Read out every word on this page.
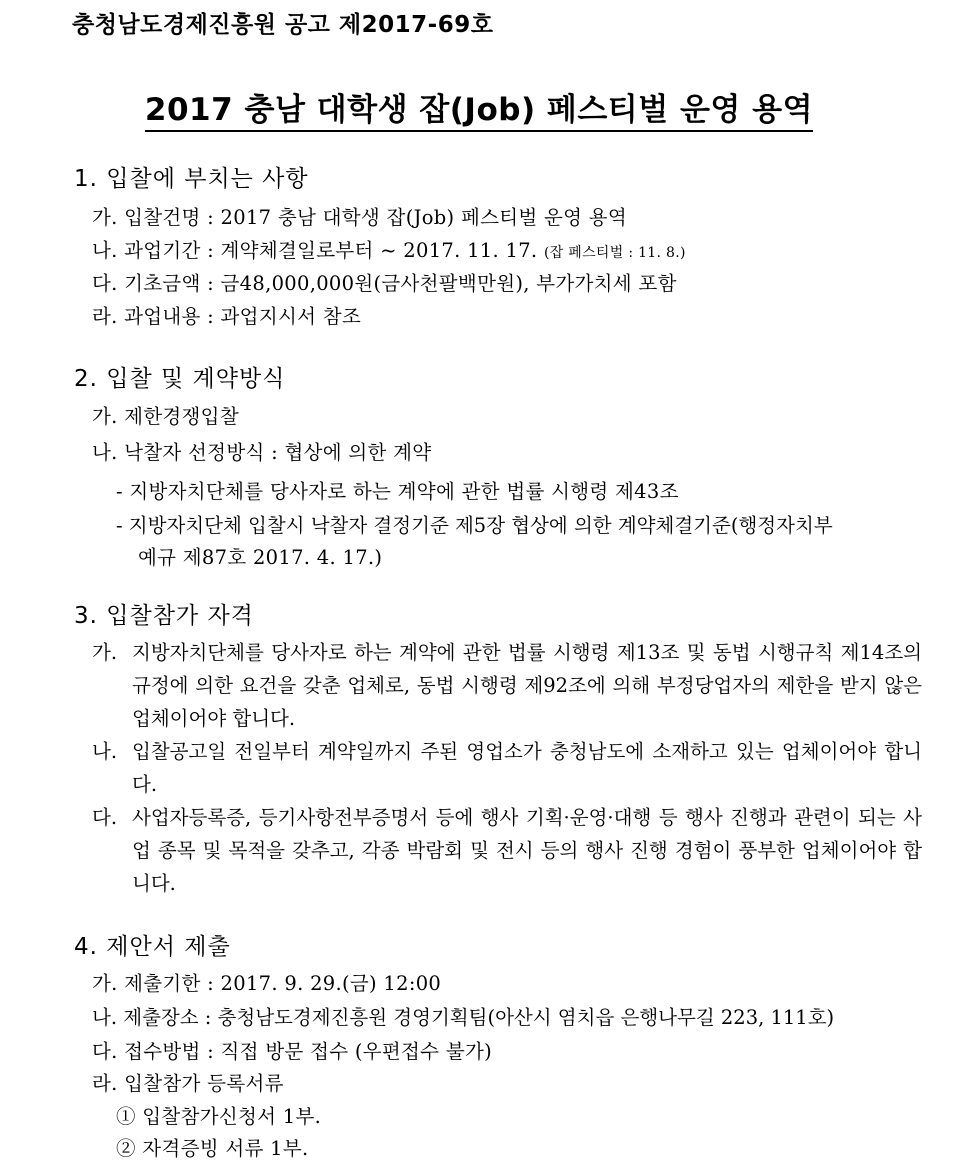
충청남도경제진흥원 공고 제2017-69호
2017 충남 대학생 잡(Job) 페스티벌 운영 용역
1. 입찰에 부치는 사항
가. 입찰건명 : 2017 충남 대학생 잡(Job) 페스티벌 운영 용역
나. 과업기간 : 계약체결일로부터 ~ 2017. 11. 17. (잡 페스티벌 : 11. 8.)
다. 기초금액 : 금48,000,000원(금사천팔백만원), 부가가치세 포함
라. 과업내용 : 과업지시서 참조
2. 입찰 및 계약방식
가. 제한경쟁입찰
나. 낙찰자 선정방식 : 협상에 의한 계약
- 지방자치단체를 당사자로 하는 계약에 관한 법률 시행령 제43조
- 지방자치단체 입찰시 낙찰자 결정기준 제5장 협상에 의한 계약체결기준(행정자치부
예규 제87호 2017. 4. 17.)
3. 입찰참가 자격
가. 지방자치단체를 당사자로 하는 계약에 관한 법률 시행령 제13조 및 동법 시행규칙 제14조의 규정에 의한 요건을 갖춘 업체로, 동법 시행령 제92조에 의해 부정당업자의 제한을 받지 않은 업체이어야 합니다.
나. 입찰공고일 전일부터 계약일까지 주된 영업소가 충청남도에 소재하고 있는 업체이어야 합니다.
다. 사업자등록증, 등기사항전부증명서 등에 행사 기획·운영·대행 등 행사 진행과 관련이 되는 사업 종목 및 목적을 갖추고, 각종 박람회 및 전시 등의 행사 진행 경험이 풍부한 업체이어야 합니다.
4. 제안서 제출
가. 제출기한 : 2017. 9. 29.(금) 12:00
나. 제출장소 : 충청남도경제진흥원 경영기획팀(아산시 염치읍 은행나무길 223, 111호)
다. 접수방법 : 직접 방문 접수 (우편접수 불가)
라. 입찰참가 등록서류
① 입찰참가신청서 1부.
② 자격증빙 서류 1부.
